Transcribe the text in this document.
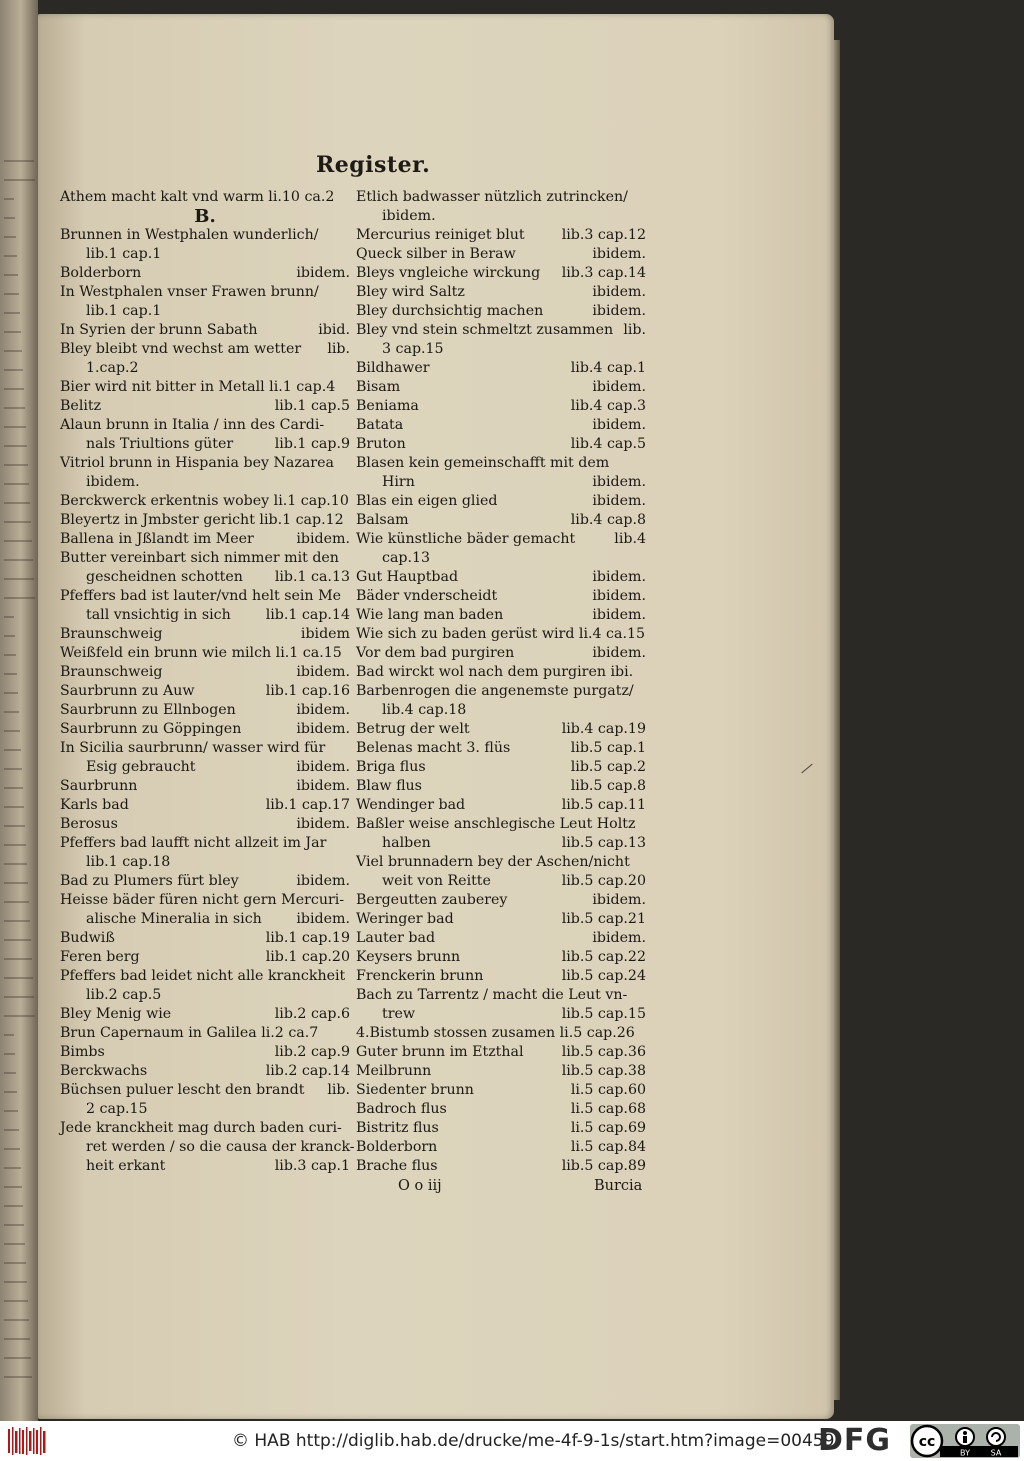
Register.
Athem macht kalt vnd warm li.10 ca.2
B.
Brunnen in Westphalen wunderlich/
lib.1 cap.1
Bolderborn	ibidem.
In Westphalen vnser Frawen brunn/
lib.1 cap.1
In Syrien der brunn Sabath	ibid.
Bley bleibt vnd wechst am wetter lib.
1.cap.2
Bier wird nit bitter in Metall li.1 cap.4
Belitz	lib.1 cap.5
Alaun brunn in Italia / inn des Cardi-
nals Triultions güter	lib.1 cap.9
Vitriol brunn in Hispania bey Nazarea
ibidem.
Berckwerck erkentnis wobey li.1 cap.10
Bleyertz in Jmbster gericht lib.1 cap.12
Ballena in Jßlandt im Meer	ibidem.
Butter vereinbart sich nimmer mit den
gescheidnen schotten lib.1 ca.13
Pfeffers bad ist lauter/vnd helt sein Me
tall vnsichtig in sich lib.1 cap.14
Braunschweig	ibidem
Weißfeld ein brunn wie milch li.1 ca.15
Braunschweig	ibidem.
Saurbrunn zu Auw	lib.1 cap.16
Saurbrunn zu Ellnbogen	ibidem.
Saurbrunn zu Göppingen	ibidem.
In Sicilia saurbrunn/ wasser wird für
Esig gebraucht	ibidem.
Saurbrunn	ibidem.
Karls bad	lib.1 cap.17
Berosus	ibidem.
Pfeffers bad laufft nicht allzeit im Jar
lib.1 cap.18
Bad zu Plumers fürt bley	ibidem.
Heisse bäder füren nicht gern Mercuri-
alische Mineralia in sich ibidem.
Budwiß	lib.1 cap.19
Feren berg	lib.1 cap.20
Pfeffers bad leidet nicht alle kranckheit
lib.2 cap.5
Bley Menig wie	lib.2 cap.6
Brun Capernaum in Galilea li.2 ca.7
Bimbs	lib.2 cap.9
Berckwachs	lib.2 cap.14
Büchsen puluer lescht den brandt lib.
2 cap.15
Jede kranckheit mag durch baden curi-
ret werden / so die causa der kranck-
heit erkant	lib.3 cap.1
Etlich badwasser nützlich zutrincken/
ibidem.
Mercurius reiniget blut	lib.3 cap.12
Queck silber in Beraw	ibidem.
Bleys vngleiche wirckung lib.3 cap.14
Bley wird Saltz	ibidem.
Bley durchsichtig machen	ibidem.
Bley vnd stein schmeltzt zusammen lib.
3 cap.15
Bildhawer	lib.4 cap.1
Bisam	ibidem.
Beniama	lib.4 cap.3
Batata	ibidem.
Bruton	lib.4 cap.5
Blasen kein gemeinschafft mit dem
Hirn	ibidem.
Blas ein eigen glied	ibidem.
Balsam	lib.4 cap.8
Wie künstliche bäder gemacht	lib.4
cap.13
Gut Hauptbad	ibidem.
Bäder vnderscheidt	ibidem.
Wie lang man baden	ibidem.
Wie sich zu baden gerüst wird li.4 ca.15
Vor dem bad purgiren	ibidem.
Bad wirckt wol nach dem purgiren ibi.
Barbenrogen die angenemste purgatz/
lib.4 cap.18
Betrug der welt	lib.4 cap.19
Belenas macht 3. flüs	lib.5 cap.1
Briga flus	lib.5 cap.2
Blaw flus	lib.5 cap.8
Wendinger bad	lib.5 cap.11
Baßler weise anschlegische Leut Holtz
halben	lib.5 cap.13
Viel brunnadern bey der Aschen/nicht
weit von Reitte	lib.5 cap.20
Bergeutten zauberey	ibidem.
Weringer bad	lib.5 cap.21
Lauter bad	ibidem.
Keysers brunn	lib.5 cap.22
Frenckerin brunn	lib.5 cap.24
Bach zu Tarrentz / macht die Leut vn-
trew	lib.5 cap.15
4.Bistumb stossen zusamen li.5 cap.26
Guter brunn im Etzthal	lib.5 cap.36
Meilbrunn	lib.5 cap.38
Siedenter brunn	li.5 cap.60
Badroch flus	li.5 cap.68
Bistritz flus	li.5 cap.69
Bolderborn	li.5 cap.84
Brache flus	lib.5 cap.89
O o iij	Burcia
© HAB http://diglib.hab.de/drucke/me-4f-9-1s/start.htm?image=00459
DFG cc
BY	SA
